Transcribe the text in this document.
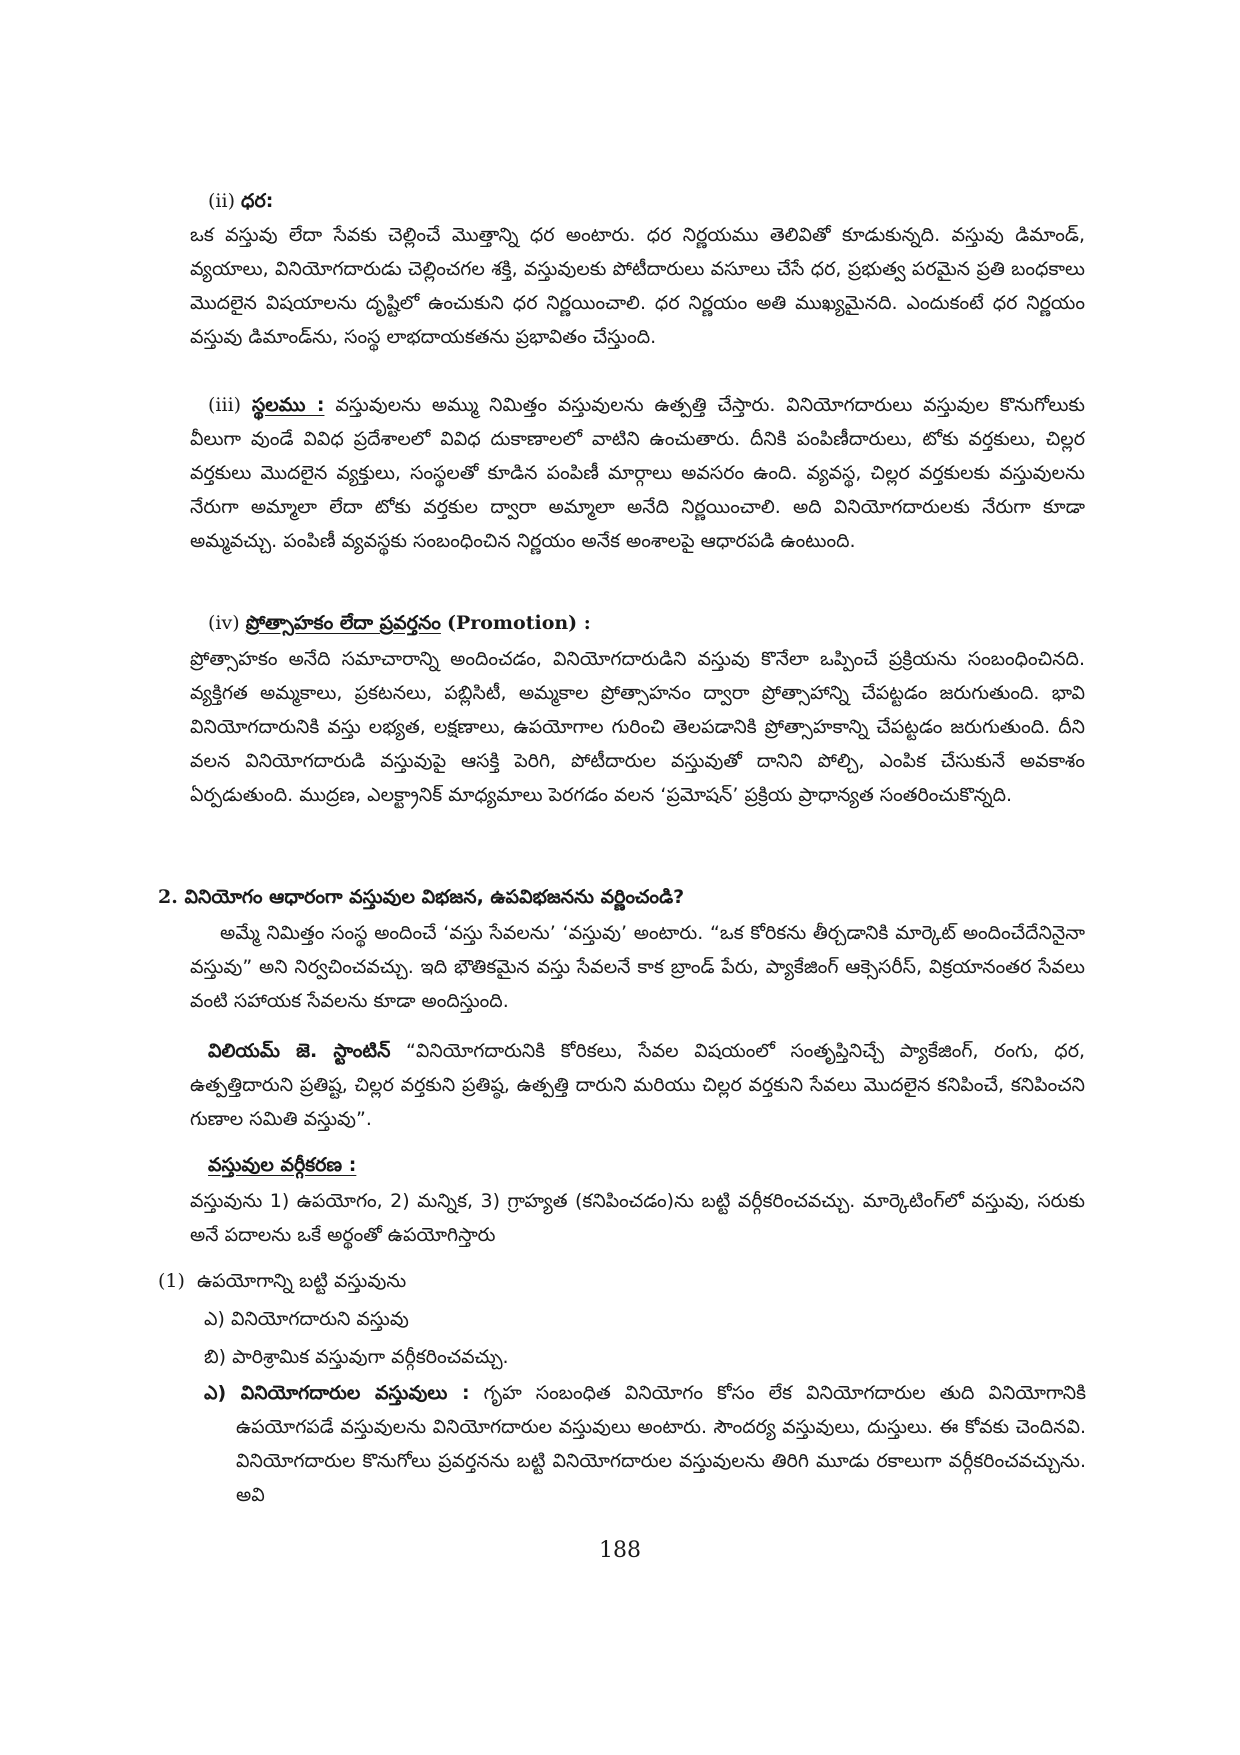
(ii) ధర:

ఒక వస్తువు లేదా సేవకు చెల్లించే మొత్తాన్ని ధర అంటారు. ధర నిర్ణయము తెలివితో కూడుకున్నది. వస్తువు డిమాండ్, వ్యయాలు, వినియోగదారుడు చెల్లించగల శక్తి, వస్తువులకు పోటీదారులు వసూలు చేసే ధర, ప్రభుత్వ పరమైన ప్రతి బంధకాలు మొదలైన విషయాలను దృష్టిలో ఉంచుకుని ధర నిర్ణయించాలి. ధర నిర్ణయం అతి ముఖ్యమైనది. ఎందుకంటే ధర నిర్ణయం వస్తువు డిమాండ్‌ను, సంస్థ లాభదాయకతను ప్రభావితం చేస్తుంది.

(iii) స్థలము : వస్తువులను అమ్ము నిమిత్తం వస్తువులను ఉత్పత్తి చేస్తారు. వినియోగదారులు వస్తువుల కొనుగోలుకు వీలుగా వుండే వివిధ ప్రదేశాలలో వివిధ దుకాణాలలో వాటిని ఉంచుతారు. దీనికి పంపిణీదారులు, టోకు వర్తకులు, చిల్లర వర్తకులు మొదలైన వ్యక్తులు, సంస్థలతో కూడిన పంపిణీ మార్గాలు అవసరం ఉంది. వ్యవస్థ, చిల్లర వర్తకులకు వస్తువులను నేరుగా అమ్మాలా లేదా టోకు వర్తకుల ద్వారా అమ్మాలా అనేది నిర్ణయించాలి. అది వినియోగదారులకు నేరుగా కూడా అమ్మవచ్చు. పంపిణీ వ్యవస్థకు సంబంధించిన నిర్ణయం అనేక అంశాలపై ఆధారపడి ఉంటుంది.

(iv) ప్రోత్సాహకం లేదా ప్రవర్తనం (Promotion) :

ప్రోత్సాహకం అనేది సమాచారాన్ని అందించడం, వినియోగదారుడిని వస్తువు కొనేలా ఒప్పించే ప్రక్రియను సంబంధించినది. వ్యక్తిగత అమ్మకాలు, ప్రకటనలు, పబ్లిసిటీ, అమ్మకాల ప్రోత్సాహనం ద్వారా ప్రోత్సాహాన్ని చేపట్టడం జరుగుతుంది. భావి వినియోగదారునికి వస్తు లభ్యత, లక్షణాలు, ఉపయోగాల గురించి తెలపడానికి ప్రోత్సాహకాన్ని చేపట్టడం జరుగుతుంది. దీని వలన వినియోగదారుడి వస్తువుపై ఆసక్తి పెరిగి, పోటీదారుల వస్తువుతో దానిని పోల్చి, ఎంపిక చేసుకునే అవకాశం ఏర్పడుతుంది. ముద్రణ, ఎలక్ట్రానిక్ మాధ్యమాలు పెరగడం వలన ‘ప్రమోషన్’ ప్రక్రియ ప్రాధాన్యత సంతరించుకొన్నది.

2. వినియోగం ఆధారంగా వస్తువుల విభజన, ఉపవిభజనను వర్ణించండి?

అమ్మే నిమిత్తం సంస్థ అందించే ‘వస్తు సేవలను’ ‘వస్తువు’ అంటారు. “ఒక కోరికను తీర్చడానికి మార్కెట్ అందించేదేనినైనా వస్తువు” అని నిర్వచించవచ్చు. ఇది భౌతికమైన వస్తు సేవలనే కాక బ్రాండ్ పేరు, ప్యాకేజింగ్ ఆక్సెసరీస్, విక్రయానంతర సేవలు వంటి సహాయక సేవలను కూడా అందిస్తుంది.

విలియమ్ జె. స్టాంటిన్ “వినియోగదారునికి కోరికలు, సేవల విషయంలో సంతృప్తినిచ్చే ప్యాకేజింగ్, రంగు, ధర, ఉత్పత్తిదారుని ప్రతిష్ట, చిల్లర వర్తకుని ప్రతిష్ఠ, ఉత్పత్తి దారుని మరియు చిల్లర వర్తకుని సేవలు మొదలైన కనిపించే, కనిపించని గుణాల సమితి వస్తువు”.

వస్తువుల వర్గీకరణ :

వస్తువును 1) ఉపయోగం, 2) మన్నిక, 3) గ్రాహ్యత (కనిపించడం)ను బట్టి వర్గీకరించవచ్చు. మార్కెటింగ్‌లో వస్తువు, సరుకు అనే పదాలను ఒకే అర్థంతో ఉపయోగిస్తారు

(1) ఉపయోగాన్ని బట్టి వస్తువును
ఎ) వినియోగదారుని వస్తువు
బి) పారిశ్రామిక వస్తువుగా వర్గీకరించవచ్చు.

ఎ) వినియోగదారుల వస్తువులు : గృహ సంబంధిత వినియోగం కోసం లేక వినియోగదారుల తుది వినియోగానికి ఉపయోగపడే వస్తువులను వినియోగదారుల వస్తువులు అంటారు. సౌందర్య వస్తువులు, దుస్తులు. ఈ కోవకు చెందినవి. వినియోగదారుల కొనుగోలు ప్రవర్తనను బట్టి వినియోగదారుల వస్తువులను తిరిగి మూడు రకాలుగా వర్గీకరించవచ్చును. అవి

188
